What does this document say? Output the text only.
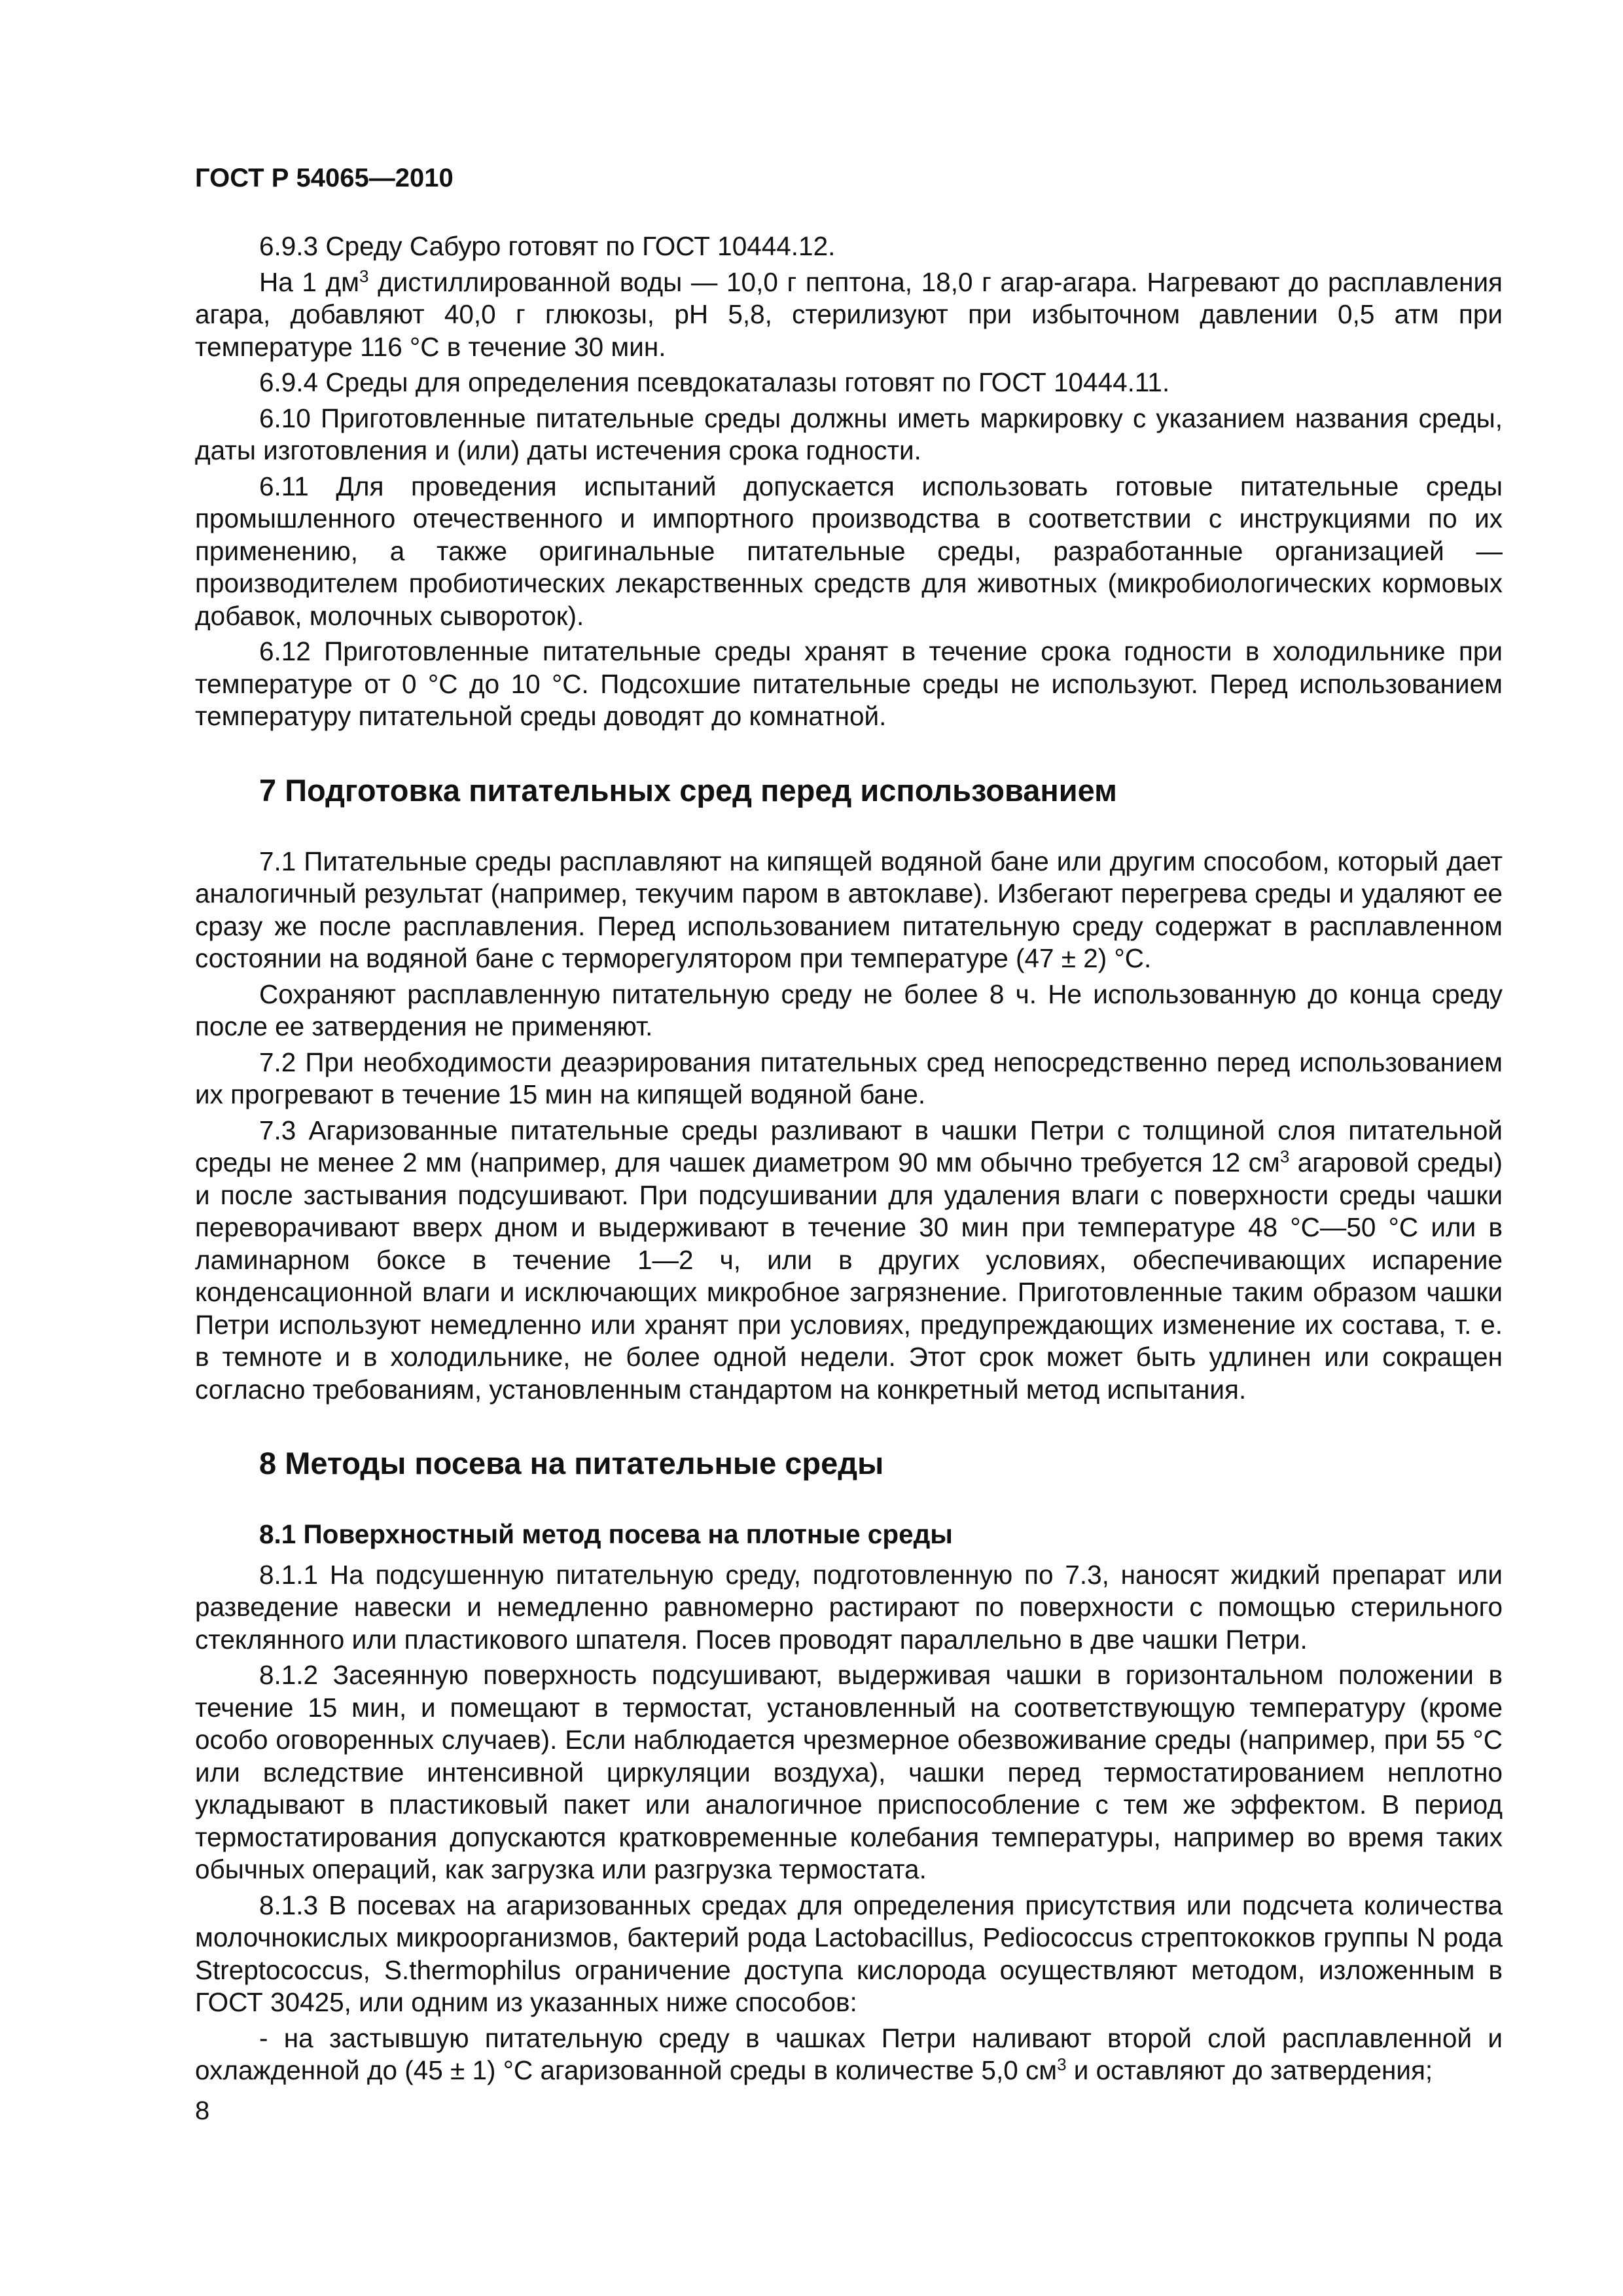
ГОСТ Р 54065—2010
6.9.3 Среду Сабуро готовят по ГОСТ 10444.12.
На 1 $дм^3$ дистиллированной воды — 10,0 г пептона, 18,0 г агар-агара. Нагревают до расплавления агара, добавляют 40,0 г глюкозы, pH 5,8, стерилизуют при избыточном давлении 0,5 атм при температуре 116 °С в течение 30 мин.
6.9.4 Среды для определения псевдокаталазы готовят по ГОСТ 10444.11.
6.10 Приготовленные питательные среды должны иметь маркировку с указанием названия среды, даты изготовления и (или) даты истечения срока годности.
6.11 Для проведения испытаний допускается использовать готовые питательные среды промышленного отечественного и импортного производства в соответствии с инструкциями по их применению, а также оригинальные питательные среды, разработанные организацией — производителем пробиотических лекарственных средств для животных (микробиологических кормовых добавок, молочных сывороток).
6.12 Приготовленные питательные среды хранят в течение срока годности в холодильнике при температуре от 0 °С до 10 °С. Подсохшие питательные среды не используют. Перед использованием температуру питательной среды доводят до комнатной.
7 Подготовка питательных сред перед использованием
7.1 Питательные среды расплавляют на кипящей водяной бане или другим способом, который дает аналогичный результат (например, текучим паром в автоклаве). Избегают перегрева среды и удаляют ее сразу же после расплавления. Перед использованием питательную среду содержат в расплавленном состоянии на водяной бане с терморегулятором при температуре (47 ± 2) °С.
Сохраняют расплавленную питательную среду не более 8 ч. Не использованную до конца среду после ее затвердения не применяют.
7.2 При необходимости деаэрирования питательных сред непосредственно перед использованием их прогревают в течение 15 мин на кипящей водяной бане.
7.3 Агаризованные питательные среды разливают в чашки Петри с толщиной слоя питательной среды не менее 2 мм (например, для чашек диаметром 90 мм обычно требуется 12 $см^3$ агаровой среды) и после застывания подсушивают. При подсушивании для удаления влаги с поверхности среды чашки переворачивают вверх дном и выдерживают в течение 30 мин при температуре 48 °С—50 °С или в ламинарном боксе в течение 1—2 ч, или в других условиях, обеспечивающих испарение конденсационной влаги и исключающих микробное загрязнение. Приготовленные таким образом чашки Петри используют немедленно или хранят при условиях, предупреждающих изменение их состава, т. е. в темноте и в холодильнике, не более одной недели. Этот срок может быть удлинен или сокращен согласно требованиям, установленным стандартом на конкретный метод испытания.
8 Методы посева на питательные среды
8.1 Поверхностный метод посева на плотные среды
8.1.1 На подсушенную питательную среду, подготовленную по 7.3, наносят жидкий препарат или разведение навески и немедленно равномерно растирают по поверхности с помощью стерильного стеклянного или пластикового шпателя. Посев проводят параллельно в две чашки Петри.
8.1.2 Засеянную поверхность подсушивают, выдерживая чашки в горизонтальном положении в течение 15 мин, и помещают в термостат, установленный на соответствующую температуру (кроме особо оговоренных случаев). Если наблюдается чрезмерное обезвоживание среды (например, при 55 °С или вследствие интенсивной циркуляции воздуха), чашки перед термостатированием неплотно укладывают в пластиковый пакет или аналогичное приспособление с тем же эффектом. В период термостатирования допускаются кратковременные колебания температуры, например во время таких обычных операций, как загрузка или разгрузка термостата.
8.1.3 В посевах на агаризованных средах для определения присутствия или подсчета количества молочнокислых микроорганизмов, бактерий рода Lactobacillus, Pediococcus стрептококков группы N рода Streptococcus, S.thermophilus ограничение доступа кислорода осуществляют методом, изложенным в ГОСТ 30425, или одним из указанных ниже способов:
- на застывшую питательную среду в чашках Петри наливают второй слой расплавленной и охлажденной до (45 ± 1) °С агаризованной среды в количестве 5,0 $см^3$ и оставляют до затвердения;
8
